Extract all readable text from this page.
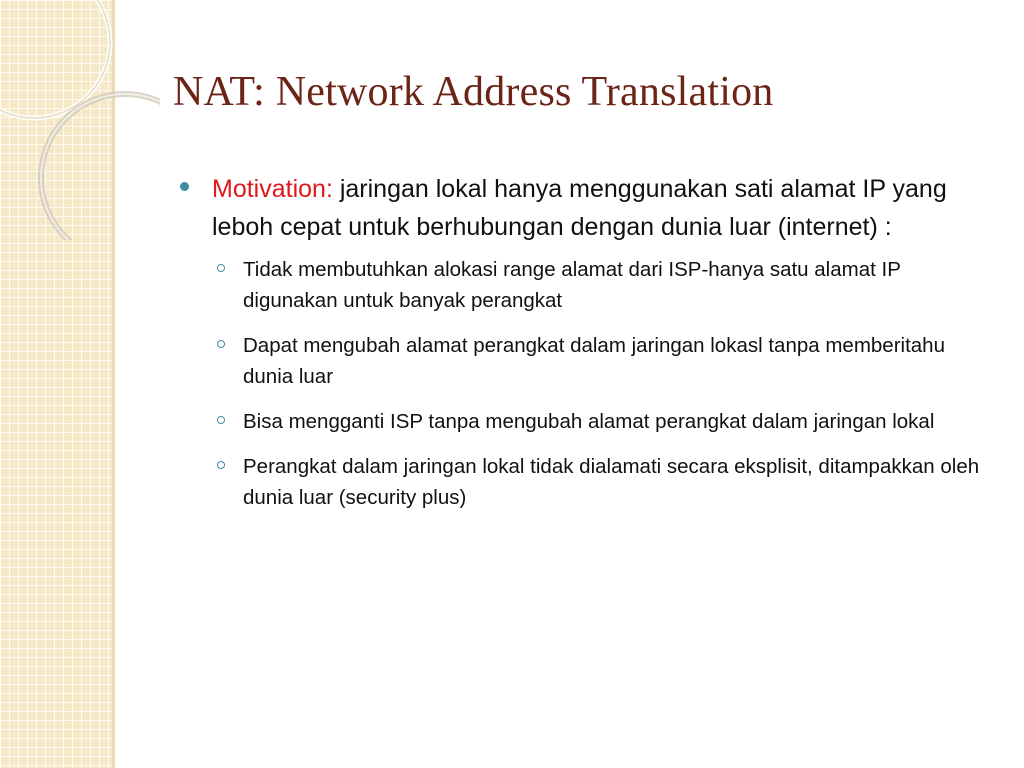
NAT: Network Address Translation
Motivation: jaringan lokal hanya menggunakan sati alamat IP yang leboh cepat untuk berhubungan dengan dunia luar (internet) :
Tidak membutuhkan alokasi range alamat dari ISP-hanya satu alamat IP digunakan untuk banyak perangkat
Dapat mengubah alamat perangkat dalam jaringan lokasl tanpa memberitahu dunia luar
Bisa mengganti ISP tanpa mengubah alamat perangkat dalam jaringan lokal
Perangkat dalam jaringan lokal tidak dialamati secara eksplisit, ditampakkan oleh dunia luar (security plus)
